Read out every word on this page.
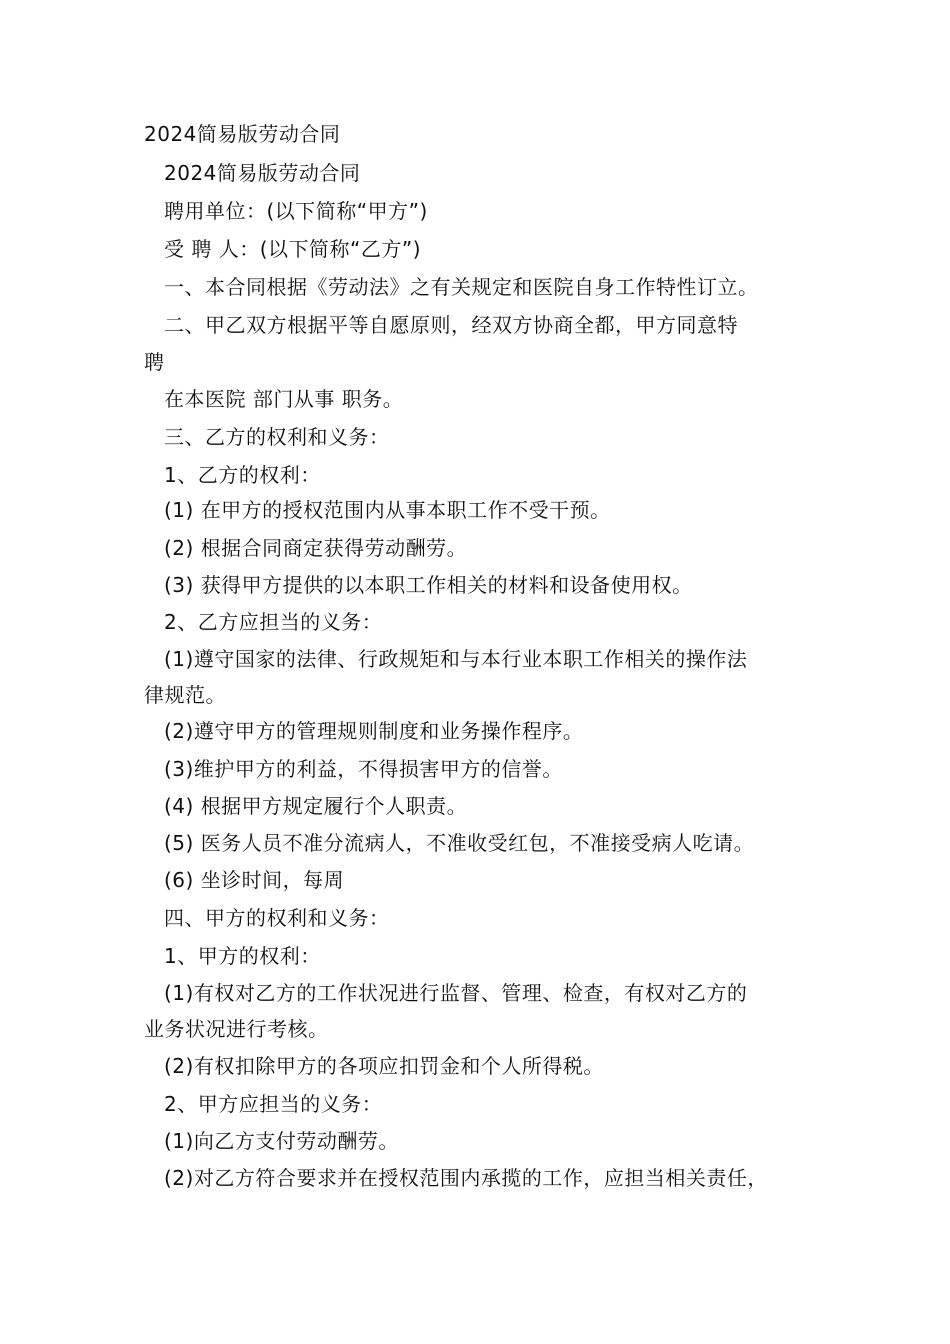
2024简易版劳动合同
2024简易版劳动合同
聘用单位：(以下简称“甲方”)
受 聘 人：(以下简称“乙方”)
一、本合同根据《劳动法》之有关规定和医院自身工作特性订立。
二、甲乙双方根据平等自愿原则，经双方协商全都，甲方同意特
聘
在本医院 部门从事 职务。
三、乙方的权利和义务：
1、乙方的权利：
(1) 在甲方的授权范围内从事本职工作不受干预。
(2) 根据合同商定获得劳动酬劳。
(3) 获得甲方提供的以本职工作相关的材料和设备使用权。
2、乙方应担当的义务：
(1)遵守国家的法律、行政规矩和与本行业本职工作相关的操作法
律规范。
(2)遵守甲方的管理规则制度和业务操作程序。
(3)维护甲方的利益，不得损害甲方的信誉。
(4) 根据甲方规定履行个人职责。
(5) 医务人员不准分流病人，不准收受红包，不准接受病人吃请。
(6) 坐诊时间，每周
四、甲方的权利和义务：
1、甲方的权利：
(1)有权对乙方的工作状况进行监督、管理、检查，有权对乙方的
业务状况进行考核。
(2)有权扣除甲方的各项应扣罚金和个人所得税。
2、甲方应担当的义务：
(1)向乙方支付劳动酬劳。
(2)对乙方符合要求并在授权范围内承揽的工作，应担当相关责任，
